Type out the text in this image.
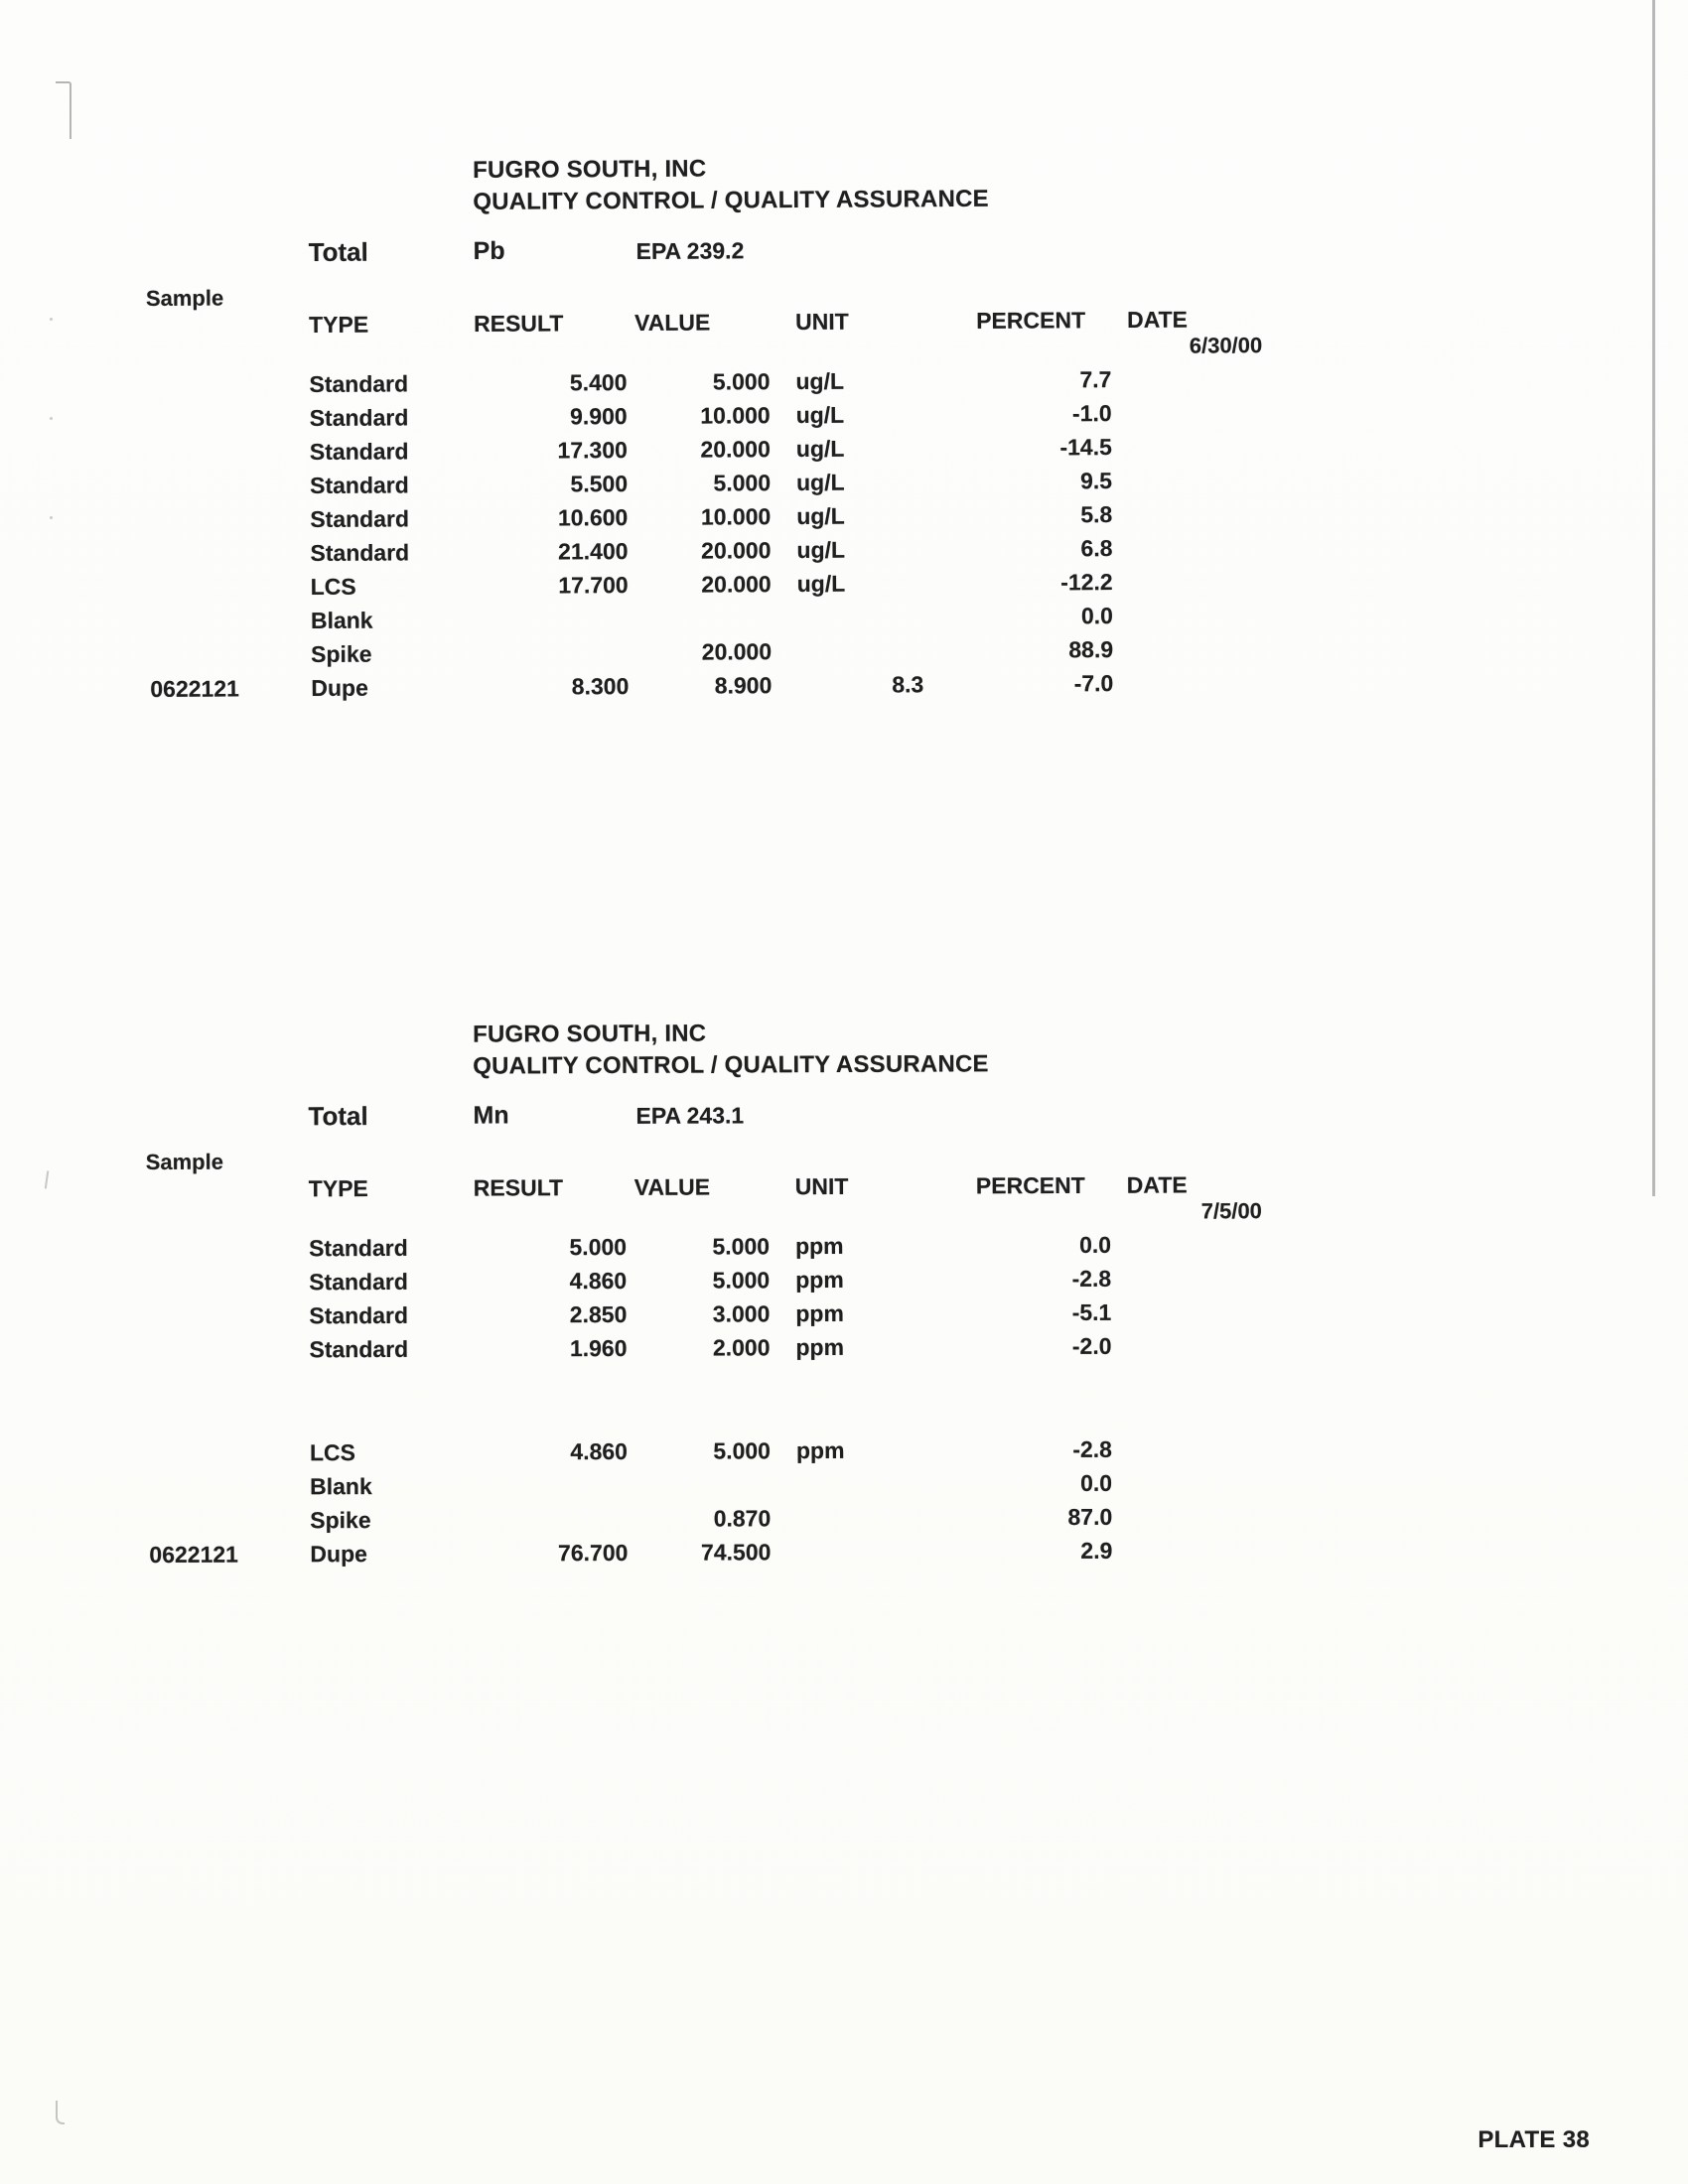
FUGRO SOUTH, INC
QUALITY CONTROL / QUALITY ASSURANCE
Total	Pb	EPA 239.2
Sample
	TYPE	RESULT	VALUE	UNIT		PERCENT	DATE
							6/30/00
	Standard	5.400	5.000	ug/L		7.7	
	Standard	9.900	10.000	ug/L		-1.0	
	Standard	17.300	20.000	ug/L		-14.5	
	Standard	5.500	5.000	ug/L		9.5	
	Standard	10.600	10.000	ug/L		5.8	
	Standard	21.400	20.000	ug/L		6.8	
	LCS	17.700	20.000	ug/L		-12.2	
	Blank					0.0	
	Spike		20.000			88.9	
0622121	Dupe	8.300	8.900		8.3	-7.0	
FUGRO SOUTH, INC
QUALITY CONTROL / QUALITY ASSURANCE
Total	Mn	EPA 243.1
Sample
	TYPE	RESULT	VALUE	UNIT		PERCENT	DATE
							7/5/00
	Standard	5.000	5.000	ppm		0.0	
	Standard	4.860	5.000	ppm		-2.8	
	Standard	2.850	3.000	ppm		-5.1	
	Standard	1.960	2.000	ppm		-2.0	

	LCS	4.860	5.000	ppm		-2.8	
	Blank					0.0	
	Spike		0.870			87.0	
0622121	Dupe	76.700	74.500			2.9	
PLATE 38
